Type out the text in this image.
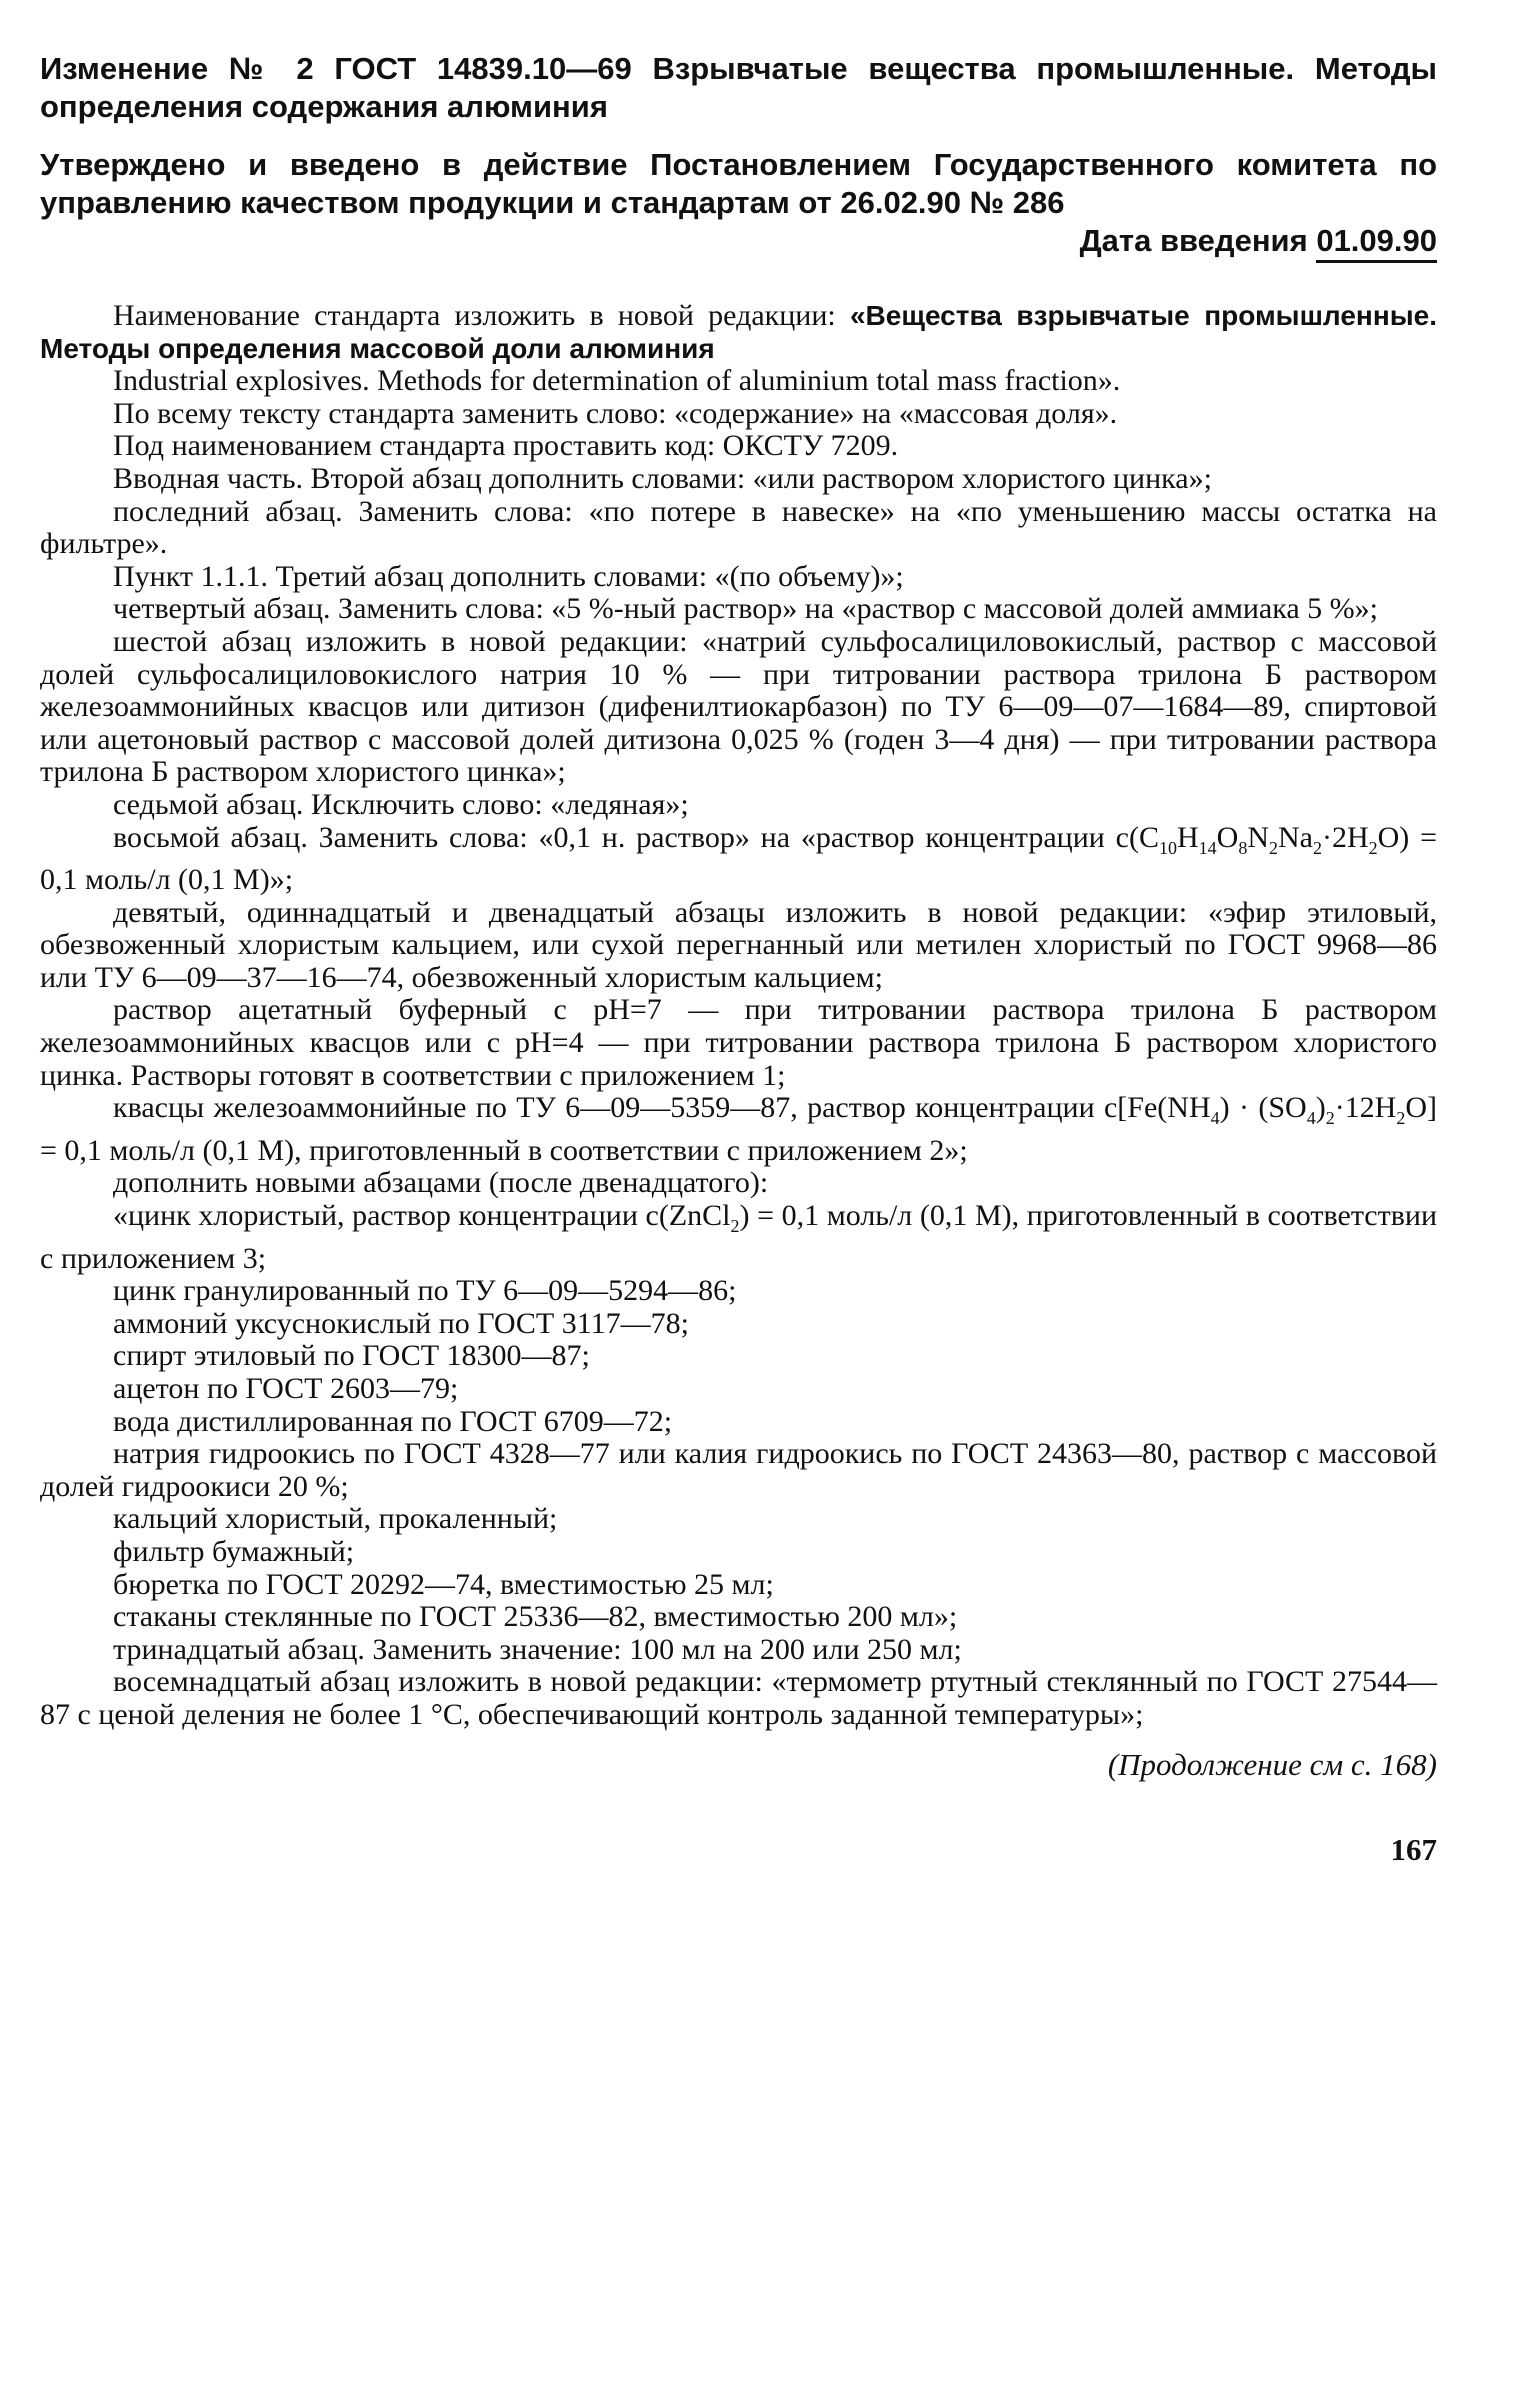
Изменение № 2 ГОСТ 14839.10—69 Взрывчатые вещества промышленные. Методы определения содержания алюминия
Утверждено и введено в действие Постановлением Государственного комитета по управлению качеством продукции и стандартам от 26.02.90 № 286
Дата введения 01.09.90

Наименование стандарта изложить в новой редакции: «Вещества взрывчатые промышленные. Методы определения массовой доли алюминия

Industrial explosives. Methods for determination of aluminium total mass fraction».

По всему тексту стандарта заменить слово: «содержание» на «массовая доля».

Под наименованием стандарта проставить код: ОКСТУ 7209.

Вводная часть. Второй абзац дополнить словами: «или раствором хлористого цинка»;

последний абзац. Заменить слова: «по потере в навеске» на «по уменьшению массы остатка на фильтре».

Пункт 1.1.1. Третий абзац дополнить словами: «(по объему)»;

четвертый абзац. Заменить слова: «5 %-ный раствор» на «раствор с массовой долей аммиака 5 %»;

шестой абзац изложить в новой редакции: «натрий сульфосалициловокислый, раствор с массовой долей сульфосалициловокислого натрия 10 % — при титровании раствора трилона Б раствором железоаммонийных квасцов или дитизон (дифенилтиокарбазон) по ТУ 6—09—07—1684—89, спиртовой или ацетоновый раствор с массовой долей дитизона 0,025 % (годен 3—4 дня) — при титровании раствора трилона Б раствором хлористого цинка»;

седьмой абзац. Исключить слово: «ледяная»;

восьмой абзац. Заменить слова: «0,1 н. раствор» на «раствор концентрации $c(C_{10}H_{14}O_8N_2Na_2\cdot 2H_2O) = 0,1$ моль/л (0,1 М)»;

девятый, одиннадцатый и двенадцатый абзацы изложить в новой редакции: «эфир этиловый, обезвоженный хлористым кальцием, или сухой перегнанный или метилен хлористый по ГОСТ 9968—86 или ТУ 6—09—37—16—74, обезвоженный хлористым кальцием;

раствор ацетатный буферный с pH=7 — при титровании раствора трилона Б раствором железоаммонийных квасцов или с pH=4 — при титровании раствора трилона Б раствором хлористого цинка. Растворы готовят в соответствии с приложением 1;

квасцы железоаммонийные по ТУ 6—09—5359—87, раствор концентрации $c[Fe(NH_4) \cdot (SO_4)_2\cdot 12H_2O] = 0,1$ моль/л (0,1 М), приготовленный в соответствии с приложением 2»;

дополнить новыми абзацами (после двенадцатого):

«цинк хлористый, раствор концентрации c(ZnCl$_2$) = 0,1 моль/л (0,1 М), приготовленный в соответствии с приложением 3;

цинк гранулированный по ТУ 6—09—5294—86;

аммоний уксуснокислый по ГОСТ 3117—78;

спирт этиловый по ГОСТ 18300—87;

ацетон по ГОСТ 2603—79;

вода дистиллированная по ГОСТ 6709—72;

натрия гидроокись по ГОСТ 4328—77 или калия гидроокись по ГОСТ 24363—80, раствор с массовой долей гидроокиси 20 %;

кальций хлористый, прокаленный;

фильтр бумажный;

бюретка по ГОСТ 20292—74, вместимостью 25 мл;

стаканы стеклянные по ГОСТ 25336—82, вместимостью 200 мл»;

тринадцатый абзац. Заменить значение: 100 мл на 200 или 250 мл;

восемнадцатый абзац изложить в новой редакции: «термометр ртутный стеклянный по ГОСТ 27544—87 с ценой деления не более 1 °С, обеспечивающий контроль заданной температуры»;

(Продолжение см с. 168)
167
